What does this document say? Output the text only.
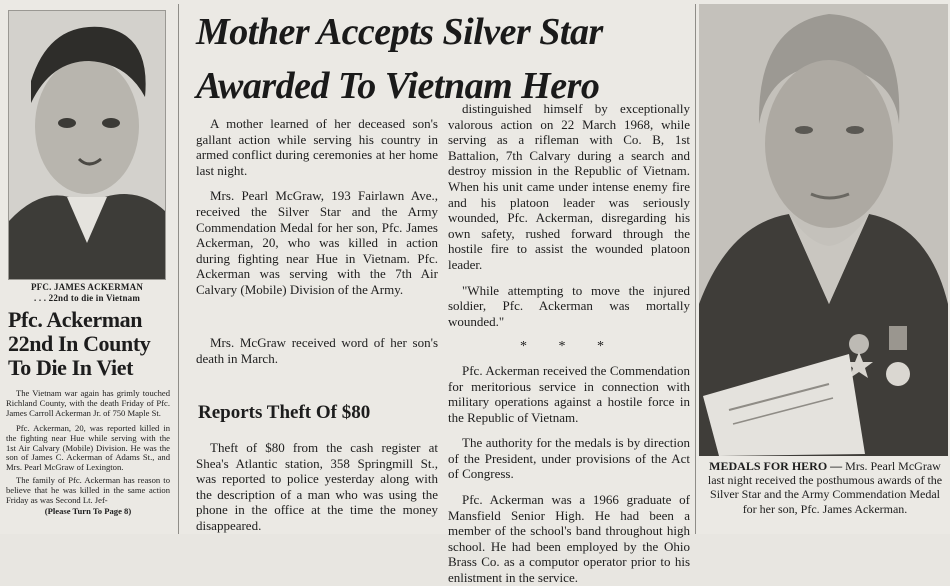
PFC. JAMES ACKERMAN
. . . 22nd to die in Vietnam
Pfc. Ackerman 22nd In County To Die In Viet

The Vietnam war again has grimly touched Richland County, with the death Friday of Pfc. James Carroll Ackerman Jr. of 750 Maple St.

Pfc. Ackerman, 20, was reported killed in the fighting near Hue while serving with the 1st Air Calvary (Mobile) Division. He was the son of James C. Ackerman of Adams St., and Mrs. Pearl McGraw of Lexington.

The family of Pfc. Ackerman has reason to believe that he was killed in the same action Friday as was Second Lt. Jef-

(Please Turn To Page 8)
Mother Accepts Silver Star
Awarded To Vietnam Hero

A mother learned of her deceased son's gallant action while serving his country in armed conflict during ceremonies at her home last night.

Mrs. Pearl McGraw, 193 Fairlawn Ave., received the Silver Star and the Army Commendation Medal for her son, Pfc. James Ackerman, 20, who was killed in action during fighting near Hue in Vietnam. Pfc. Ackerman was serving with the 7th Air Calvary (Mobile) Division of the Army.

Mrs. McGraw received word of her son's death in March.

distinguished himself by exceptionally valorous action on 22 March 1968, while serving as a rifleman with Co. B, 1st Battalion, 7th Calvary during a search and destroy mission in the Republic of Vietnam. When his unit came under intense enemy fire and his platoon leader was seriously wounded, Pfc. Ackerman, disregarding his own safety, rushed forward through the hostile fire to assist the wounded platoon leader.

"While attempting to move the injured soldier, Pfc. Ackerman was mortally wounded."

* * *

Pfc. Ackerman received the Commendation for meritorious service in connection with military operations against a hostile force in the Republic of Vietnam.

The authority for the medals is by direction of the President, under provisions of the Act of Congress.

Pfc. Ackerman was a 1966 graduate of Mansfield Senior High. He had been a member of the school's band throughout high school. He had been employed by the Ohio Brass Co. as a computor operator prior to his enlistment in the service.

Reports Theft Of $80

Theft of $80 from the cash register at Shea's Atlantic station, 358 Springmill St., was reported to police yesterday along with the description of a man who was using the phone in the office at the time the money disappeared.

MEDALS FOR HERO — Mrs. Pearl McGraw last night received the posthumous awards of the Silver Star and the Army Commendation Medal for her son, Pfc. James Ackerman.
